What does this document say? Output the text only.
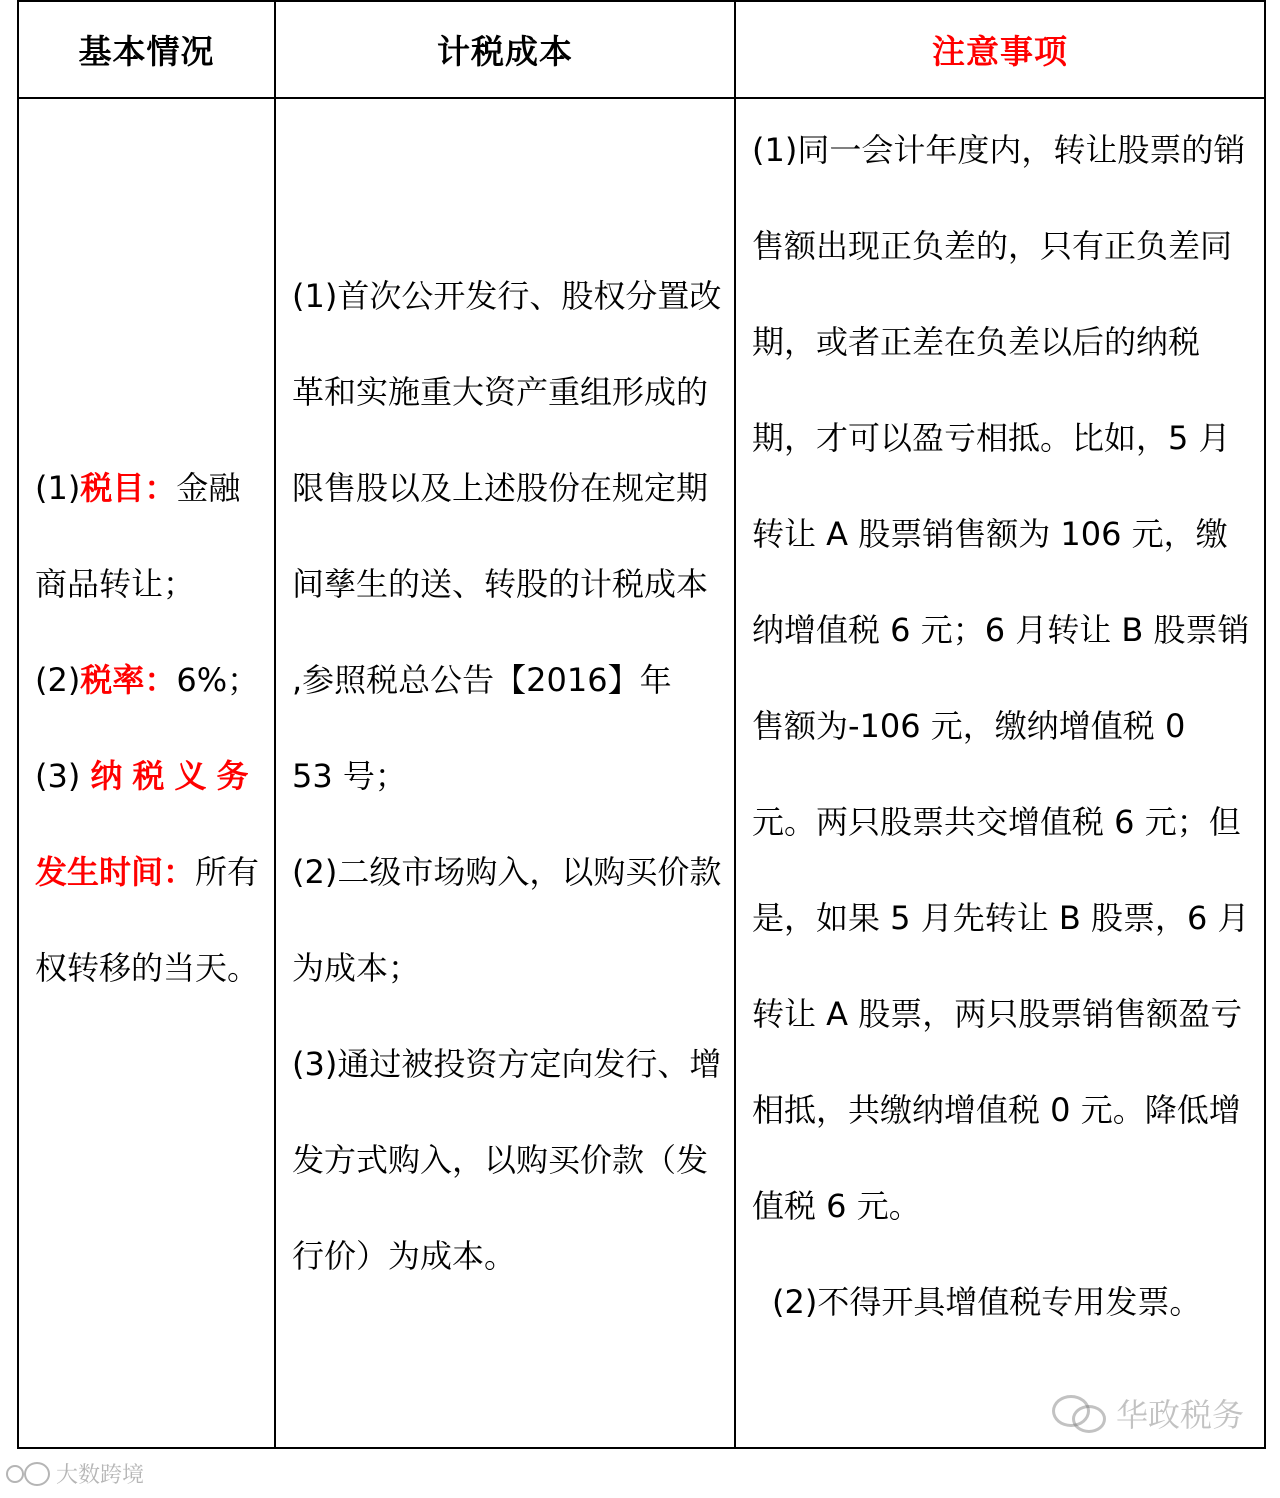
基本情况	计税成本	注意事项

(1)税目：金融商品转让；

(2)税率：6%；

(3) 纳税义务
发生时间：所有权转移的当天。

(1)首次公开发行、股权分置改革和实施重大资产重组形成的限售股以及上述股份在规定期间孳生的送、转股的计税成本 ,参照税总公告【2016】年 53 号；

(2)二级市场购入，以购买价款为成本；

(3)通过被投资方定向发行、增发方式购入，以购买价款（发行价）为成本。

(1)同一会计年度内，转让股票的销售额出现正负差的，只有正负差同期，或者正差在负差以后的纳税期，才可以盈亏相抵。比如，5 月转让 A 股票销售额为 106 元，缴纳增值税 6 元；6 月转让 B 股票销售额为-106 元，缴纳增值税 0 元。两只股票共交增值税 6 元；但是，如果 5 月先转让 B 股票，6 月转让 A 股票，两只股票销售额盈亏相抵，共缴纳增值税 0 元。降低增值税 6 元。

(2)不得开具增值税专用发票。

华政税务
大数跨境
